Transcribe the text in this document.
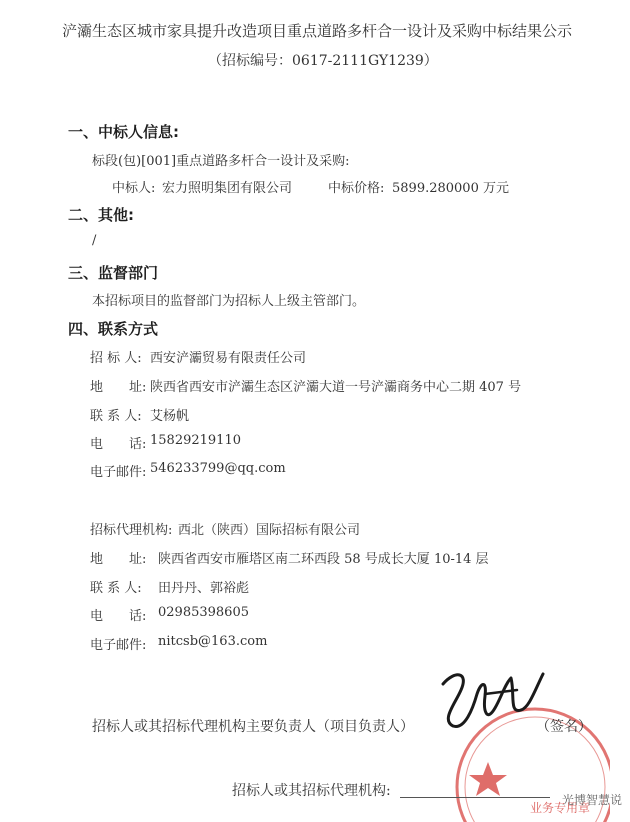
浐灞生态区城市家具提升改造项目重点道路多杆合一设计及采购中标结果公示
（招标编号：0617-2111GY1239）
一、中标人信息:
标段(包)[001]重点道路多杆合一设计及采购:
中标人: 宏力照明集团有限公司	中标价格: 5899.280000 万元
二、其他:
/
三、监督部门
本招标项目的监督部门为招标人上级主管部门。
四、联系方式
招 标 人: 西安浐灞贸易有限责任公司
地　　址: 陕西省西安市浐灞生态区浐灞大道一号浐灞商务中心二期 407 号
联 系 人: 艾杨帆
电　　话: 15829219110
电子邮件: 546233799@qq.com
招标代理机构: 西北（陕西）国际招标有限公司
地　　址: 陕西省西安市雁塔区南二环西段 58 号成长大厦 10-14 层
联 系 人: 田丹丹、郭裕彪
电　　话: 02985398605
电子邮件: nitcsb@163.com
业务专用章
招标人或其招标代理机构主要负责人（项目负责人）	（签名）
招标人或其招标代理机构:
光博智慧说
